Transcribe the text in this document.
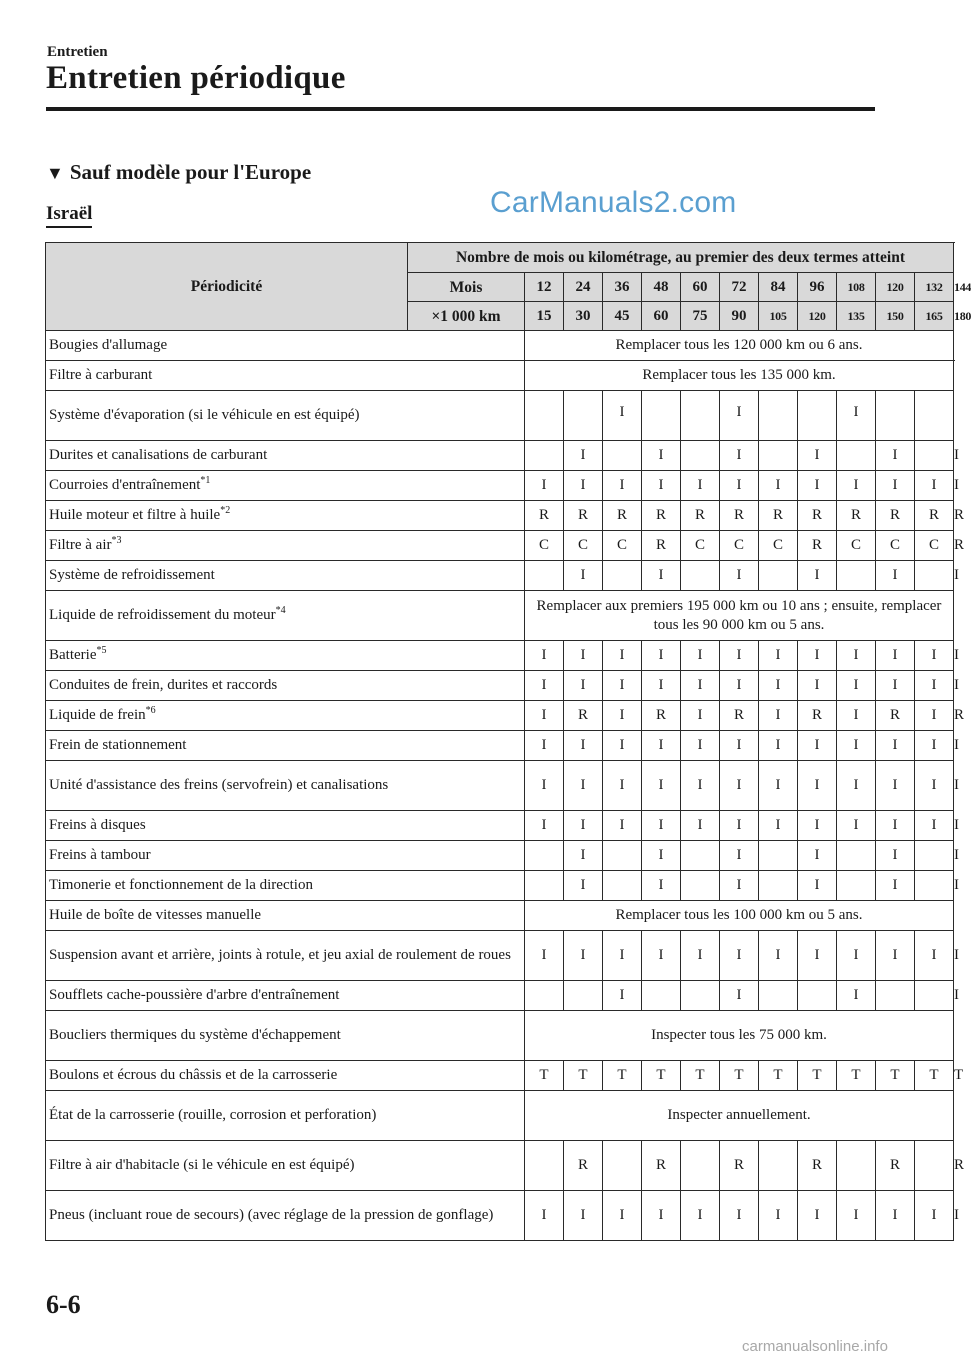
Entretien
Entretien périodique
▼ Sauf modèle pour l'Europe
Israël	CarManuals2.com
Périodicité	Nombre de mois ou kilométrage, au premier des deux termes atteint												
	Mois	12	24	36	48	60	72	84	96	108	120	132	144
	×1 000 km	15	30	45	60	75	90	105	120	135	150	165	180
Bougies d'allumage		Remplacer tous les 120 000 km ou 6 ans.											
Filtre à carburant		Remplacer tous les 135 000 km.											
Système d'évaporation (si le véhicule en est équipé)				I			I			I			
Durites et canalisations de carburant			I		I		I		I		I		I
Courroies d'entraînement$^{*1}$		I	I	I	I	I	I	I	I	I	I	I	I
Huile moteur et filtre à huile$^{*2}$		R	R	R	R	R	R	R	R	R	R	R	R
Filtre à air$^{*3}$		C	C	C	R	C	C	C	R	C	C	C	R
Système de refroidissement			I		I		I		I		I		I
Liquide de refroidissement du moteur$^{*4}$		Remplacer aux premiers 195 000 km ou 10 ans ; ensuite, remplacer tous les 90 000 km ou 5 ans.											
Batterie$^{*5}$		I	I	I	I	I	I	I	I	I	I	I	I
Conduites de frein, durites et raccords		I	I	I	I	I	I	I	I	I	I	I	I
Liquide de frein$^{*6}$		I	R	I	R	I	R	I	R	I	R	I	R
Frein de stationnement		I	I	I	I	I	I	I	I	I	I	I	I
Unité d'assistance des freins (servofrein) et canalisations		I	I	I	I	I	I	I	I	I	I	I	I
Freins à disques		I	I	I	I	I	I	I	I	I	I	I	I
Freins à tambour			I		I		I		I		I		I
Timonerie et fonctionnement de la direction			I		I		I		I		I		I
Huile de boîte de vitesses manuelle		Remplacer tous les 100 000 km ou 5 ans.											
Suspension avant et arrière, joints à rotule, et jeu axial de roulement de roues		I	I	I	I	I	I	I	I	I	I	I	I
Soufflets cache-poussière d'arbre d'entraînement				I			I			I			I
Boucliers thermiques du système d'échappement		Inspecter tous les 75 000 km.											
Boulons et écrous du châssis et de la carrosserie		T	T	T	T	T	T	T	T	T	T	T	T
État de la carrosserie (rouille, corrosion et perforation)		Inspecter annuellement.											
Filtre à air d'habitacle (si le véhicule en est équipé)			R		R		R		R		R		R
Pneus (incluant roue de secours) (avec réglage de la pression de gonflage)		I	I	I	I	I	I	I	I	I	I	I	I
6-6
carmanualsonline.info
